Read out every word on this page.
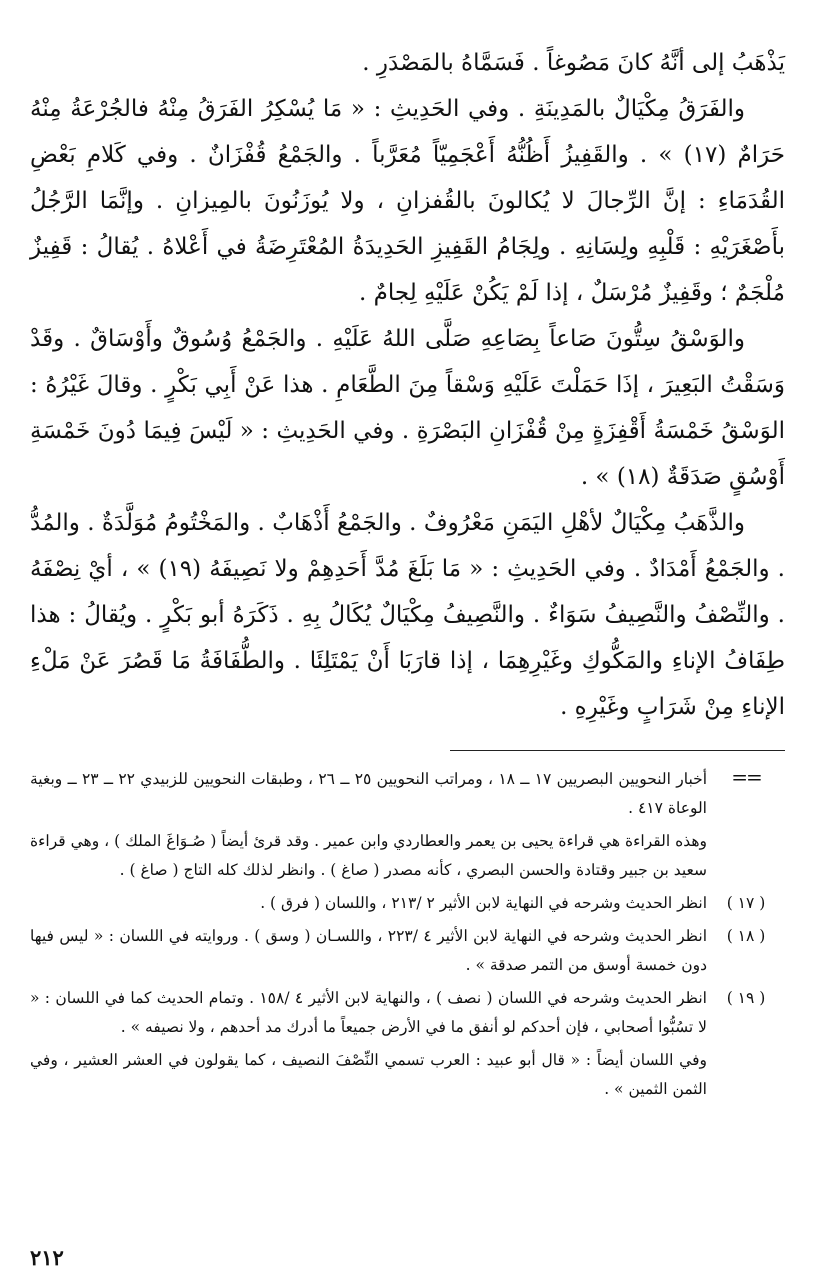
يَذْهَبُ إلى أنَّهُ كانَ مَصُوغاً . فَسَمَّاهُ بالمَصْدَرِ .

والفَرَقُ مِكْيَالٌ بالمَدِينَةِ . وفي الحَدِيثِ : « مَا يُسْكِرُ الفَرَقُ مِنْهُ فالجُرْعَةُ مِنْهُ حَرَامٌ (١٧) » . والقَفِيزُ أَظُنُّهُ أَعْجَمِيّاً مُعَرَّباً . والجَمْعُ قُفْزَانٌ . وفي كَلامِ بَعْضِ القُدَمَاءِ : إنَّ الرِّجالَ لا يُكالونَ بالقُفزانِ ، ولا يُوزَنُونَ بالمِيزانِ . وإنَّمَا الرَّجُلُ بأَصْغَرَيْهِ : قَلْبِهِ ولِسَانِهِ . ولِجَامُ القَفِيزِ الحَدِيدَةُ المُعْتَرِضَةُ في أَعْلاهُ . يُقالُ : قَفِيزٌ مُلْجَمٌ ؛ وقَفِيزٌ مُرْسَلٌ ، إذا لَمْ يَكُنْ عَلَيْهِ لِجامٌ .

والوَسْقُ سِتُّونَ صَاعاً بِصَاعِهِ صَلَّى اللهُ عَلَيْهِ . والجَمْعُ وُسُوقٌ وأَوْسَاقٌ . وقَدْ وَسَقْتُ البَعِيرَ ، إذَا حَمَلْتَ عَلَيْهِ وَسْقاً مِنَ الطَّعَامِ . هذا عَنْ أَبِي بَكْرٍ . وقالَ غَيْرُهُ : الوَسْقُ خَمْسَةُ أَقْفِزَةٍ مِنْ قُفْزَانِ البَصْرَةِ . وفي الحَدِيثِ : « لَيْسَ فِيمَا دُونَ خَمْسَةِ أَوْسُقٍ صَدَقَةٌ (١٨) » .

والذَّهَبُ مِكْيَالٌ لأهْلِ اليَمَنِ مَعْرُوفٌ . والجَمْعُ أَذْهَابٌ . والمَخْتُومُ مُوَلَّدَةٌ . والمُدُّ . والجَمْعُ أَمْدَادٌ . وفي الحَدِيثِ : « مَا بَلَغَ مُدَّ أَحَدِهِمْ ولا نَصِيفَهُ (١٩) » ، أيْ نِصْفَهُ . والنِّصْفُ والنَّصِيفُ سَوَاءٌ . والنَّصِيفُ مِكْيَالٌ يُكَالُ بِهِ . ذَكَرَهُ أبو بَكْرٍ . ويُقالُ : هذا طِفَافُ الإناءِ والمَكُّوكِ وغَيْرِهِمَا ، إذا قارَبَا أَنْ يَمْتَلِئَا . والطُّفَافَةُ مَا قَصُرَ عَنْ مَلْءِ الإناءِ مِنْ شَرَابٍ وغَيْرِهِ .

==

أخبار النحويين البصريين ١٧ ــ ١٨ ، ومراتب النحويين ٢٥ ــ ٢٦ ، وطبقات النحويين للزبيدي ٢٢ ــ ٢٣ ــ وبغية الوعاة ٤١٧ .

وهذه القراءة هي قراءة يحيى بن يعمر والعطاردي وابن عمير . وقد قرئ أيضاً ( صُـوَاغَ الملك ) ، وهي قراءة سعيد بن جبير وقتادة والحسن البصري ، كأنه مصدر ( صاغ ) . وانظر لذلك كله التاج ( صاغ ) .

( ١٧ )

انظر الحديث وشرحه في النهاية لابن الأثير ٢ /٢١٣ ، واللسان ( فرق ) .

( ١٨ )

انظر الحديث وشرحه في النهاية لابن الأثير ٤ /٢٢٣ ، واللسـان ( وسق ) . وروايته في اللسان : « ليس فيها دون خمسة أوسق من التمر صدقة » .

( ١٩ )

انظر الحديث وشرحه في اللسان ( نصف ) ، والنهاية لابن الأثير ٤ /١٥٨ . وتمام الحديث كما في اللسان : « لا تسُبُّوا أصحابي ، فإن أحدكم لو أنفق ما في الأرض جميعاً ما أدرك مد أحدهم ، ولا نصيفه » .

وفي اللسان أيضاً : « قال أبو عبيد : العرب تسمي النِّصْفَ النصيف ، كما يقولون في العشر العشير ، وفي الثمن الثمين » .

٢١٢
